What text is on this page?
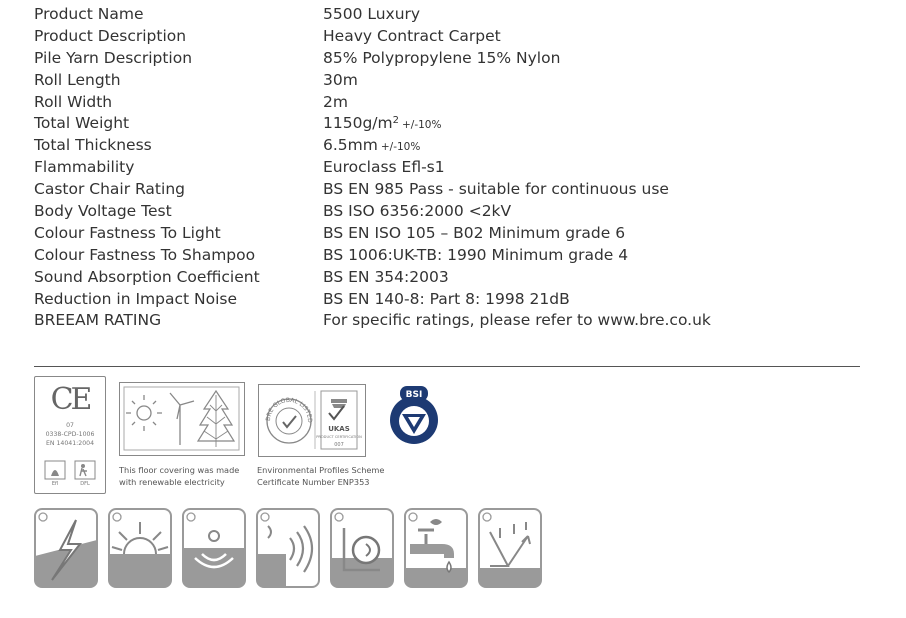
Product Name	5500 Luxury
Product Description	Heavy Contract Carpet
Pile Yarn Description	85% Polypropylene 15% Nylon
Roll Length	30m
Roll Width	2m
Total Weight	$1150g/m^2 +/-10\%$
Total Thickness	6.5mm +/-10%
Flammability	Euroclass Efl-s1
Castor Chair Rating	BS EN 985 Pass - suitable for continuous use
Body Voltage Test	BS ISO 6356:2000 <2kV
Colour Fastness To Light	BS EN ISO 105 – B02 Minimum grade 6
Colour Fastness To Shampoo	BS 1006:UK-TB: 1990 Minimum grade 4
Sound Absorption Coefficient	BS EN 354:2003
Reduction in Impact Noise	BS EN 140-8: Part 8: 1998 21dB
BREEAM RATING	For specific ratings, please refer to www.bre.co.uk
CE
07
0338-CPD-1006
EN 14041:2004
Efl	DFL
This floor covering was made
with renewable electricity
BRE GLOBAL LISTED
UKAS
PRODUCT CERTIFICATION
007
Environmental Profiles Scheme
Certificate Number ENP353
BSI
